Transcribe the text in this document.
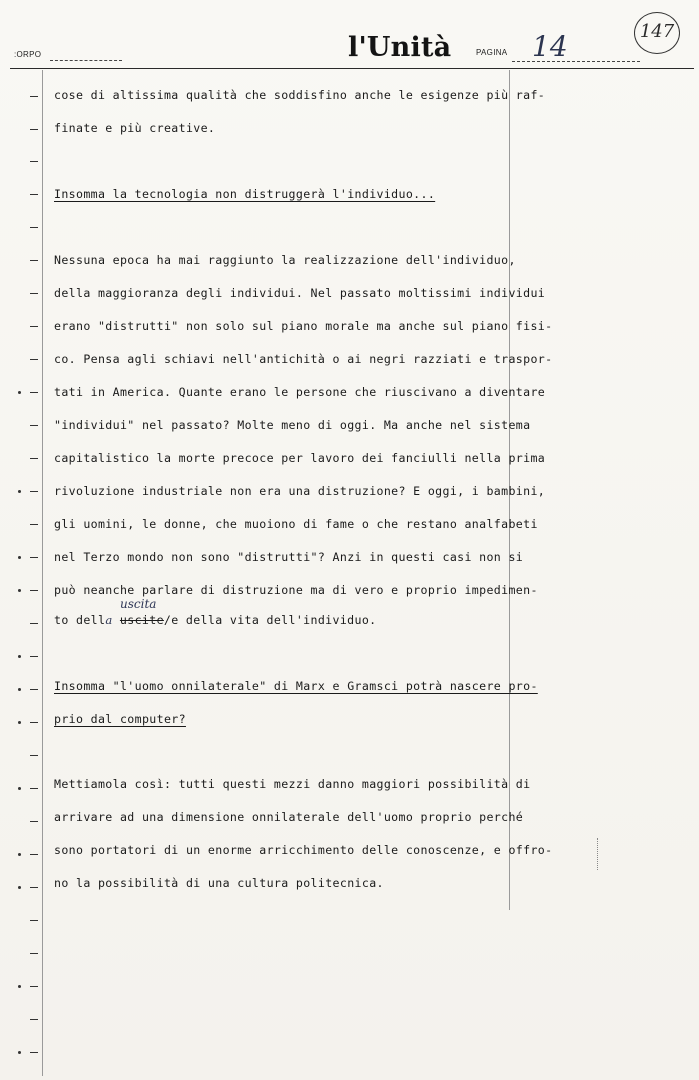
:ORPO	l'Unità	PAGINA 14	147
cose di altissima qualità che soddisfino anche le esigenze più raf-
finate e più creative.
Insomma la tecnologia non distruggerà l'individuo...
Nessuna epoca ha mai raggiunto la realizzazione dell'individuo,
della maggioranza degli individui. Nel passato moltissimi individui
erano "distrutti" non solo sul piano morale ma anche sul piano fisi-
co. Pensa agli schiavi nell'antichità o ai negri razziati e traspor-
tati in America. Quante erano le persone che riuscivano a diventare
"individui" nel passato? Molte meno di oggi. Ma anche nel sistema
capitalistico la morte precoce per lavoro dei fanciulli nella prima
rivoluzione industriale non era una distruzione? E oggi, i bambini,
gli uomini, le donne, che muoiono di fame o che restano analfabeti
nel Terzo mondo non sono "distrutti"? Anzi in questi casi non si
può neanche parlare di distruzione ma di vero e proprio impedimen-
uscita
to della uscite/e della vita dell'individuo.
Insomma "l'uomo onnilaterale" di Marx e Gramsci potrà nascere pro-
prio dal computer?
Mettiamola così: tutti questi mezzi danno maggiori possibilità di
arrivare ad una dimensione onnilaterale dell'uomo proprio perché
sono portatori di un enorme arricchimento delle conoscenze, e offro-
no la possibilità di una cultura politecnica.
